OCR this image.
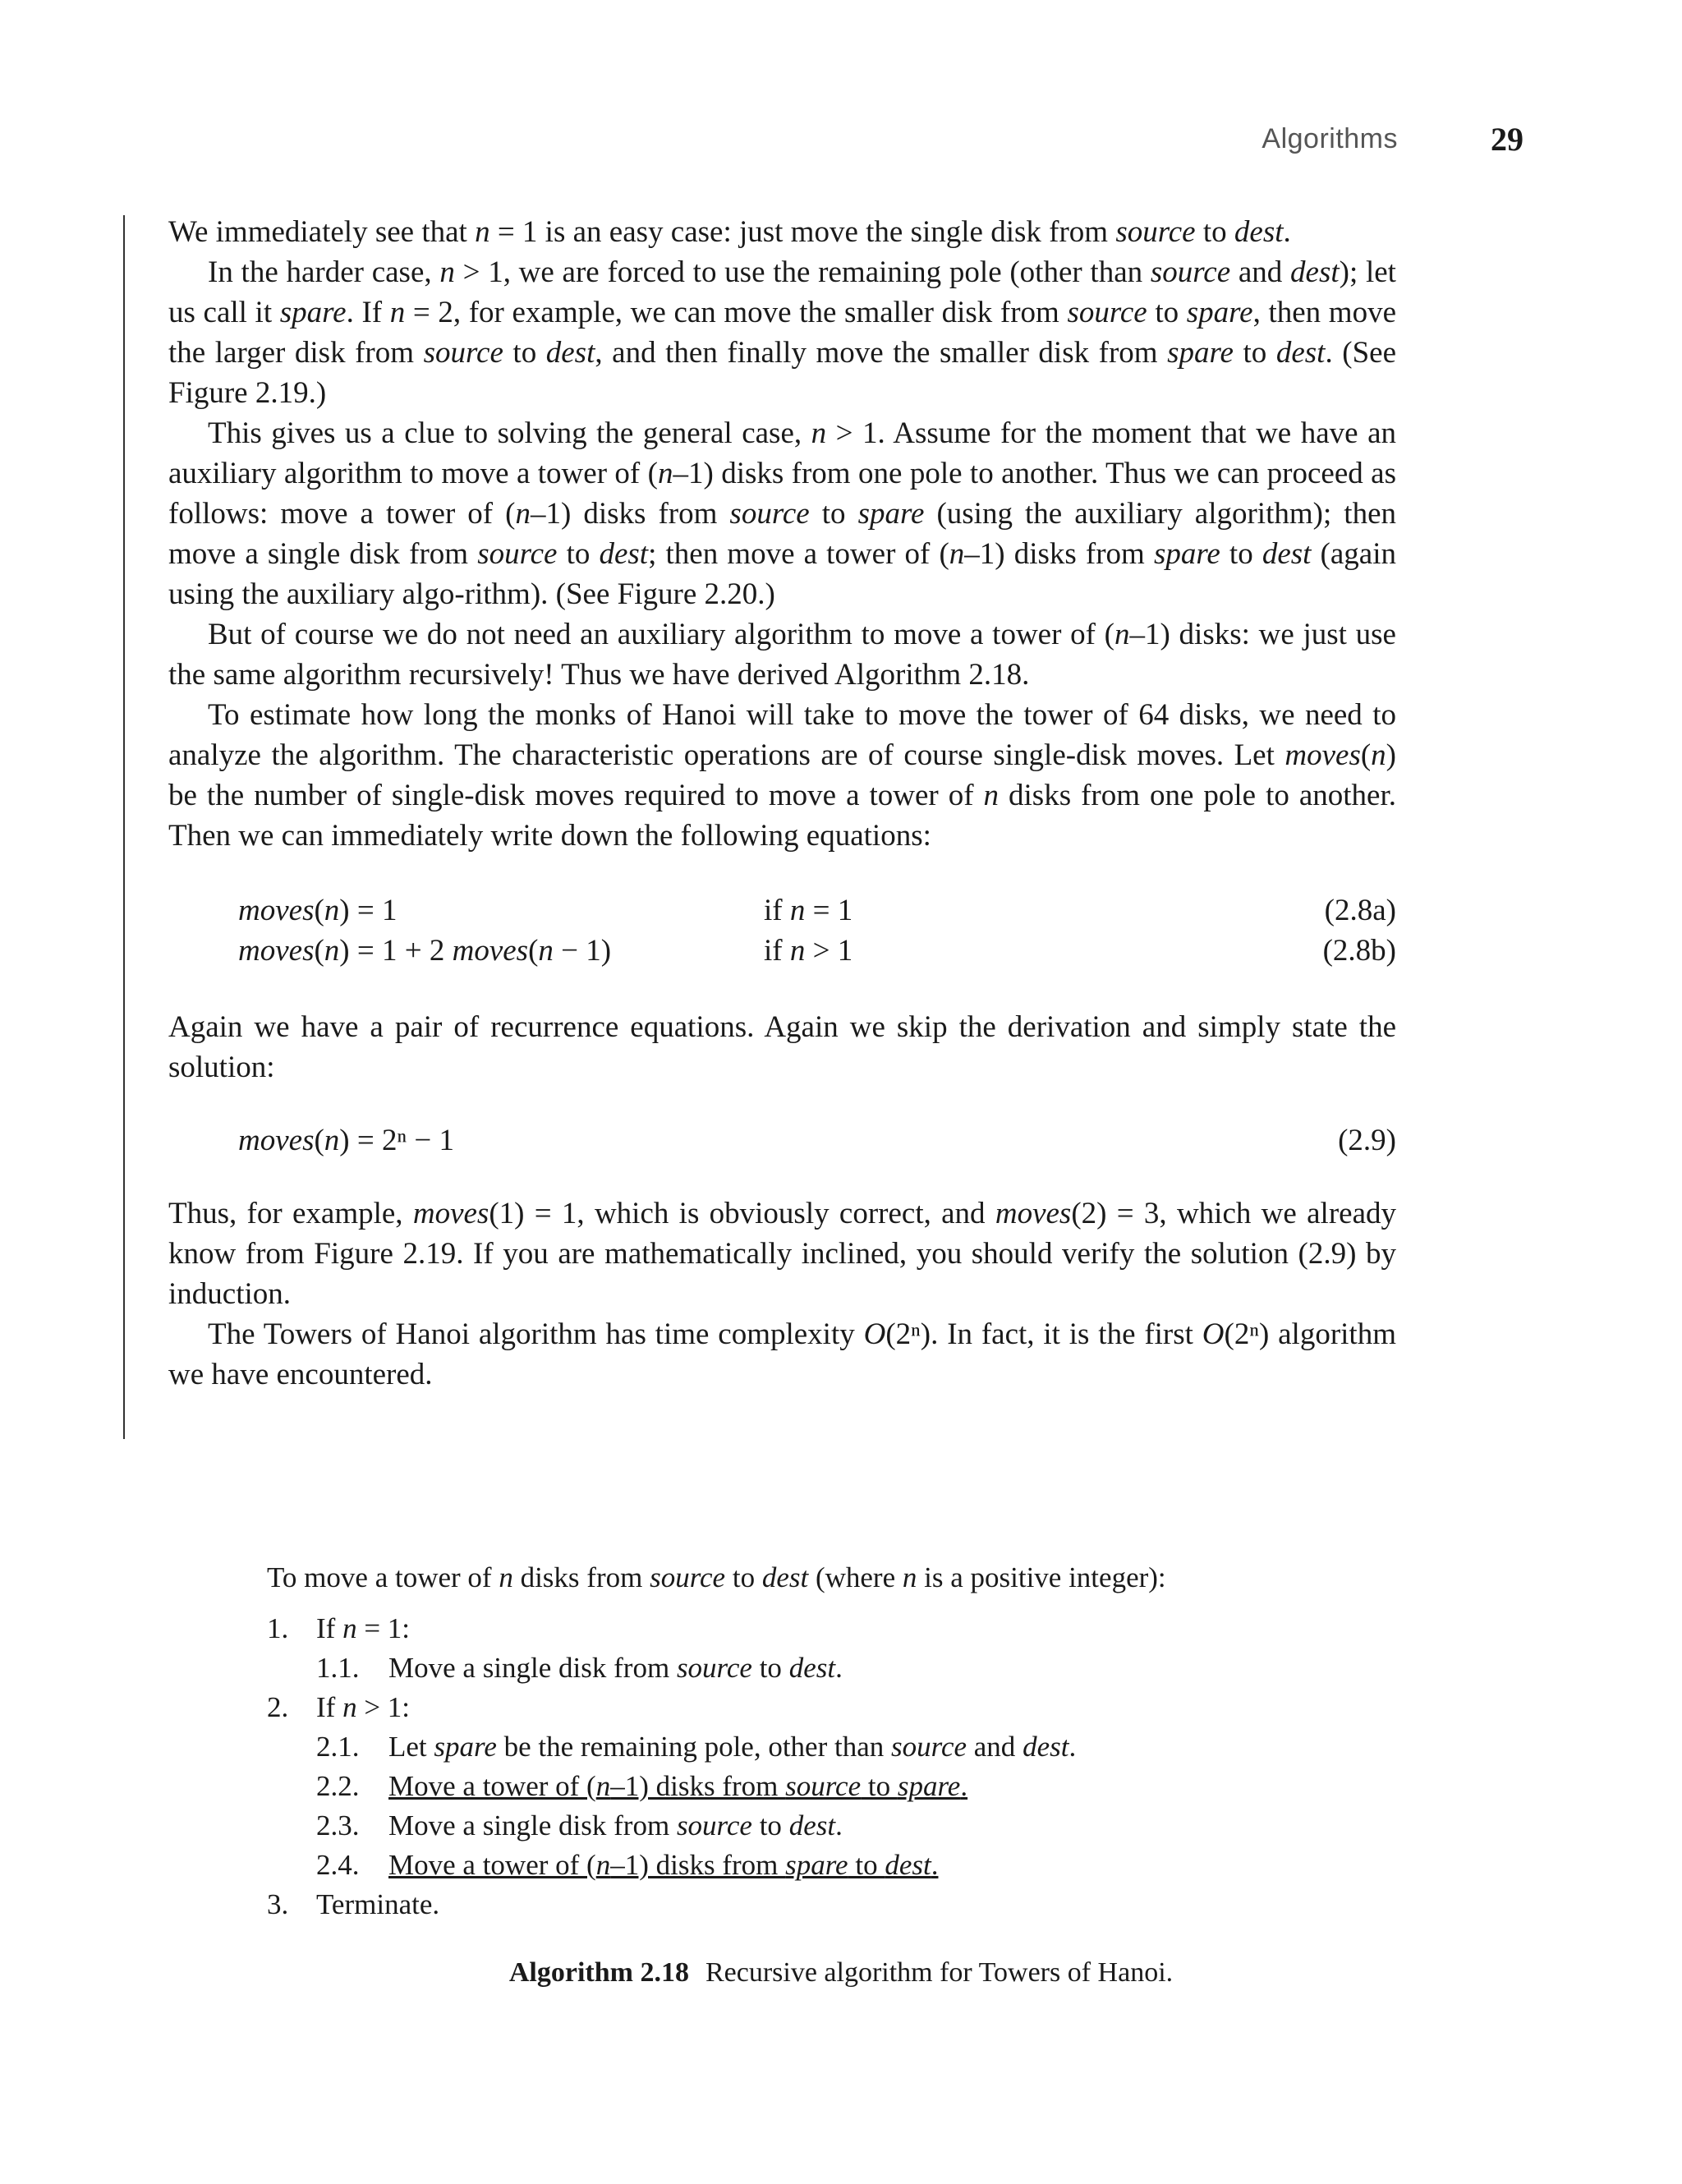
Algorithms	29

We immediately see that n = 1 is an easy case: just move the single disk from source to dest.

In the harder case, n > 1, we are forced to use the remaining pole (other than source and dest); let us call it spare. If n = 2, for example, we can move the smaller disk from source to spare, then move the larger disk from source to dest, and then finally move the smaller disk from spare to dest. (See Figure 2.19.)

This gives us a clue to solving the general case, n > 1. Assume for the moment that we have an auxiliary algorithm to move a tower of (n–1) disks from one pole to another. Thus we can proceed as follows: move a tower of (n–1) disks from source to spare (using the auxiliary algorithm); then move a single disk from source to dest; then move a tower of (n–1) disks from spare to dest (again using the auxiliary algo-rithm). (See Figure 2.20.)

But of course we do not need an auxiliary algorithm to move a tower of (n–1) disks: we just use the same algorithm recursively! Thus we have derived Algorithm 2.18.

To estimate how long the monks of Hanoi will take to move the tower of 64 disks, we need to analyze the algorithm. The characteristic operations are of course single-disk moves. Let moves(n) be the number of single-disk moves required to move a tower of n disks from one pole to another. Then we can immediately write down the following equations:

moves(n) = 1	if n = 1	(2.8a)
moves(n) = 1 + 2 moves(n − 1)	if n > 1	(2.8b)

Again we have a pair of recurrence equations. Again we skip the derivation and simply state the solution:

moves(n) = 2ⁿ − 1	(2.9)

Thus, for example, moves(1) = 1, which is obviously correct, and moves(2) = 3, which we already know from Figure 2.19. If you are mathematically inclined, you should verify the solution (2.9) by induction.

The Towers of Hanoi algorithm has time complexity O(2ⁿ). In fact, it is the first O(2ⁿ) algorithm we have encountered.

To move a tower of n disks from source to dest (where n is a positive integer):
1. If n = 1:
1.1. Move a single disk from source to dest.
2. If n > 1:
2.1. Let spare be the remaining pole, other than source and dest.
2.2. Move a tower of (n–1) disks from source to spare.
2.3. Move a single disk from source to dest.
2.4. Move a tower of (n–1) disks from spare to dest.
3. Terminate.
Algorithm 2.18 Recursive algorithm for Towers of Hanoi.
